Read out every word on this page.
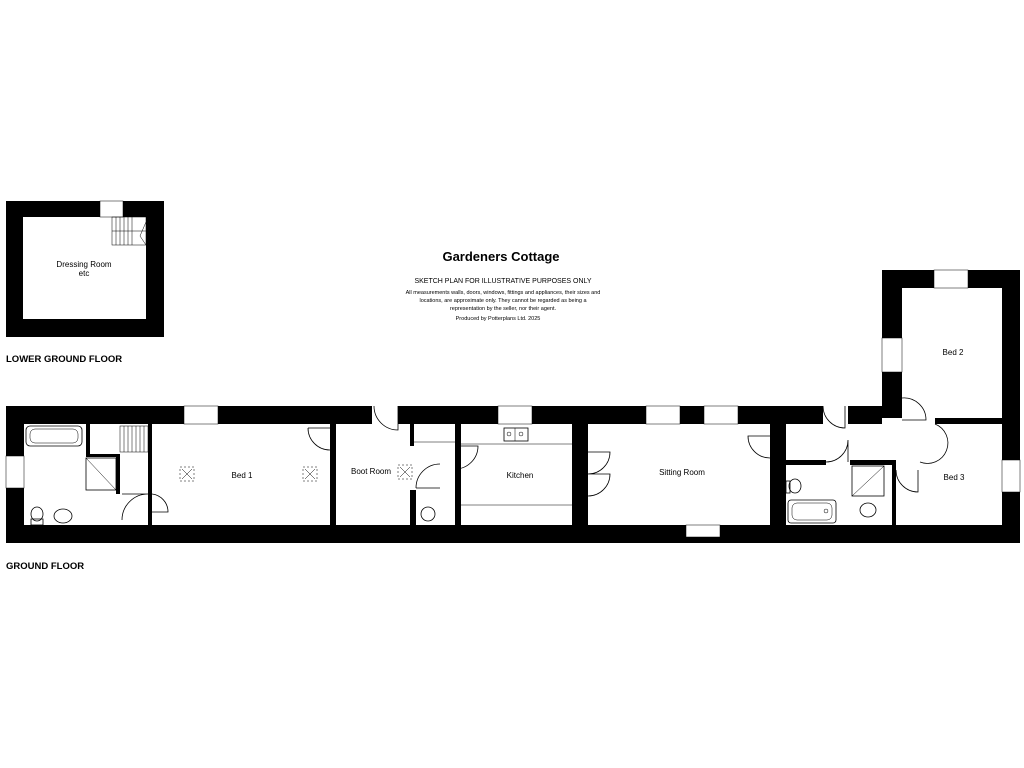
Dressing Room
etc
LOWER GROUND FLOOR
Gardeners Cottage
SKETCH PLAN FOR ILLUSTRATIVE PURPOSES ONLY
All measurements walls, doors, windows, fittings and appliances, their sizes and
locations, are approximate only. They cannot be regarded as being a
representation by the seller, nor their agent.
Produced by Potterplans Ltd. 2025
Bed 1	Boot Room	Kitchen	Sitting Room
Bed 2
Bed 3
GROUND FLOOR
